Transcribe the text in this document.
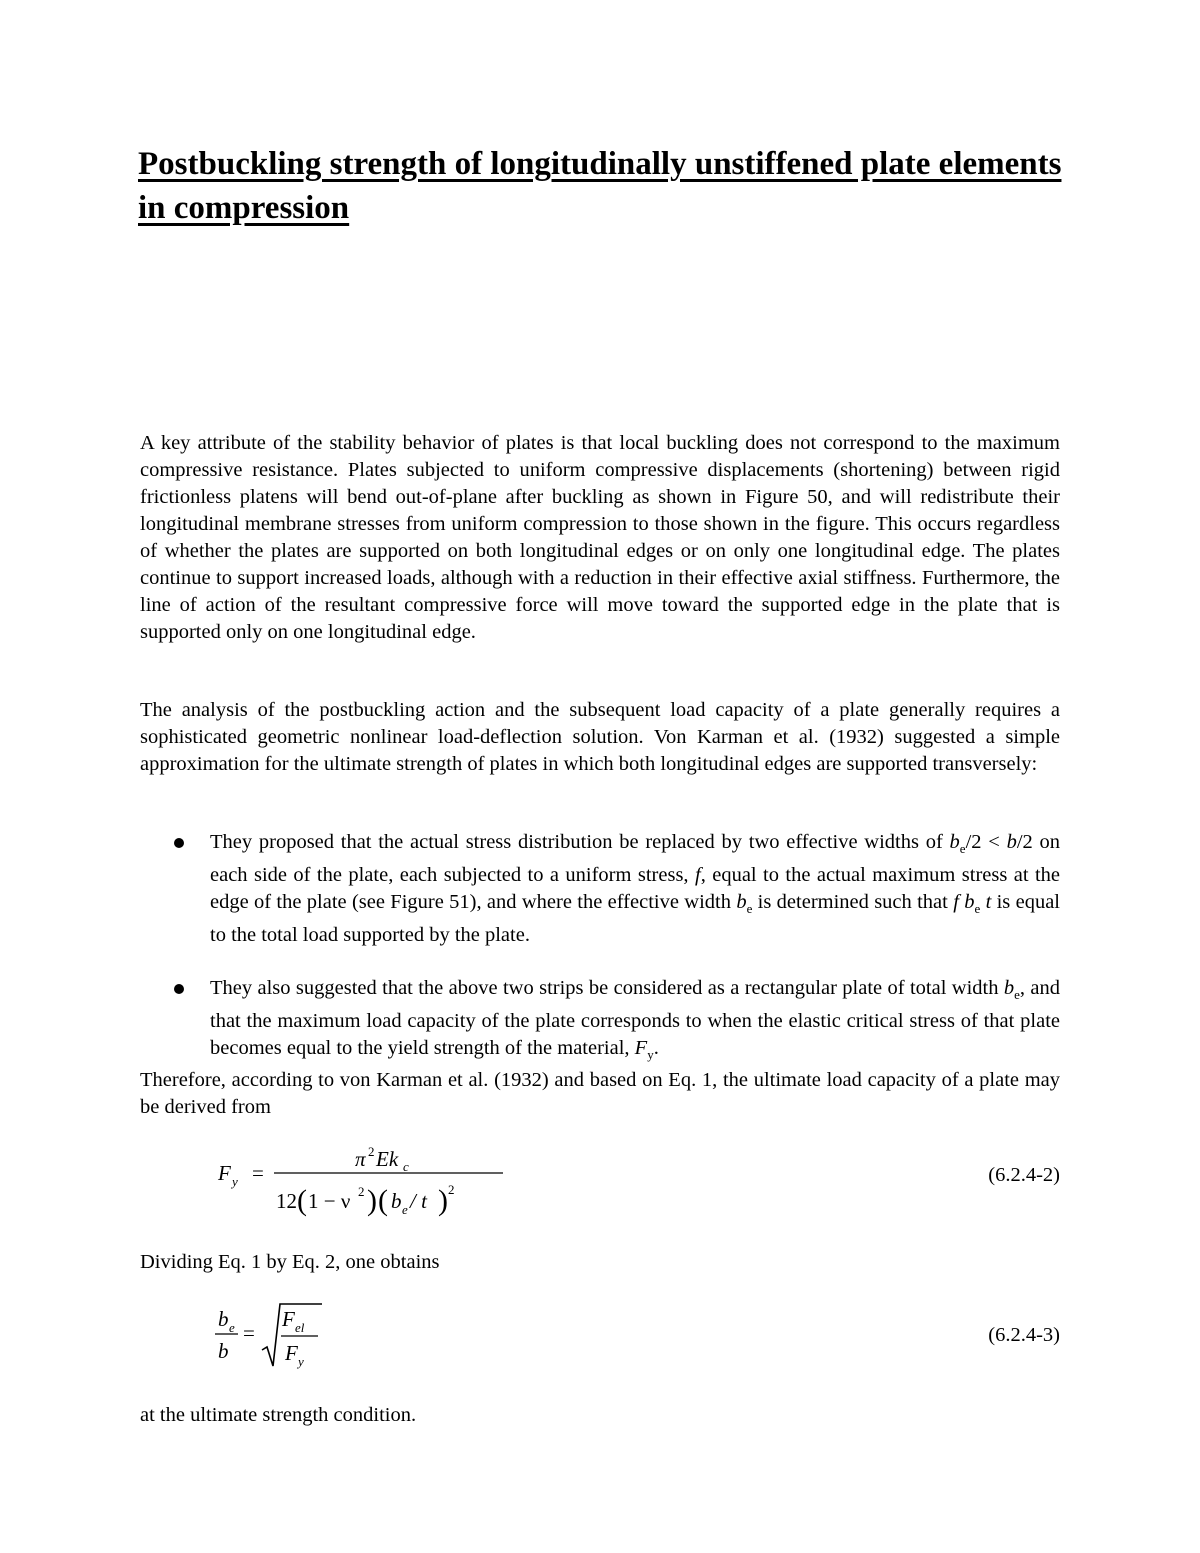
Postbuckling strength of longitudinally unstiffened plate elements in compression

A key attribute of the stability behavior of plates is that local buckling does not correspond to the maximum compressive resistance. Plates subjected to uniform compressive displacements (shortening) between rigid frictionless platens will bend out-of-plane after buckling as shown in Figure 50, and will redistribute their longitudinal membrane stresses from uniform compression to those shown in the figure. This occurs regardless of whether the plates are supported on both longitudinal edges or on only one longitudinal edge. The plates continue to support increased loads, although with a reduction in their effective axial stiffness. Furthermore, the line of action of the resultant compressive force will move toward the supported edge in the plate that is supported only on one longitudinal edge.

The analysis of the postbuckling action and the subsequent load capacity of a plate generally requires a sophisticated geometric nonlinear load-deflection solution. Von Karman et al. (1932) suggested a simple approximation for the ultimate strength of plates in which both longitudinal edges are supported transversely:

They proposed that the actual stress distribution be replaced by two effective widths of $b_e/2 < b/2$ on each side of the plate, each subjected to a uniform stress, f, equal to the actual maximum stress at the edge of the plate (see Figure 51), and where the effective width $b_e$ is determined such that f $b_e$ t is equal to the total load supported by the plate.
They also suggested that the above two strips be considered as a rectangular plate of total width $b_e$, and that the maximum load capacity of the plate corresponds to when the elastic critical stress of that plate becomes equal to the yield strength of the material, $F_y$.

Therefore, according to von Karman et al. (1932) and based on Eq. 1, the ultimate load capacity of a plate may be derived from

F y =
π 2 Ek c
12 ( 1 − ν 2 ) ( b e / t ) 2
(6.2.4-2)

Dividing Eq. 1 by Eq. 2, one obtains

b e
b
=
F el
F y
(6.2.4-3)

at the ultimate strength condition.
